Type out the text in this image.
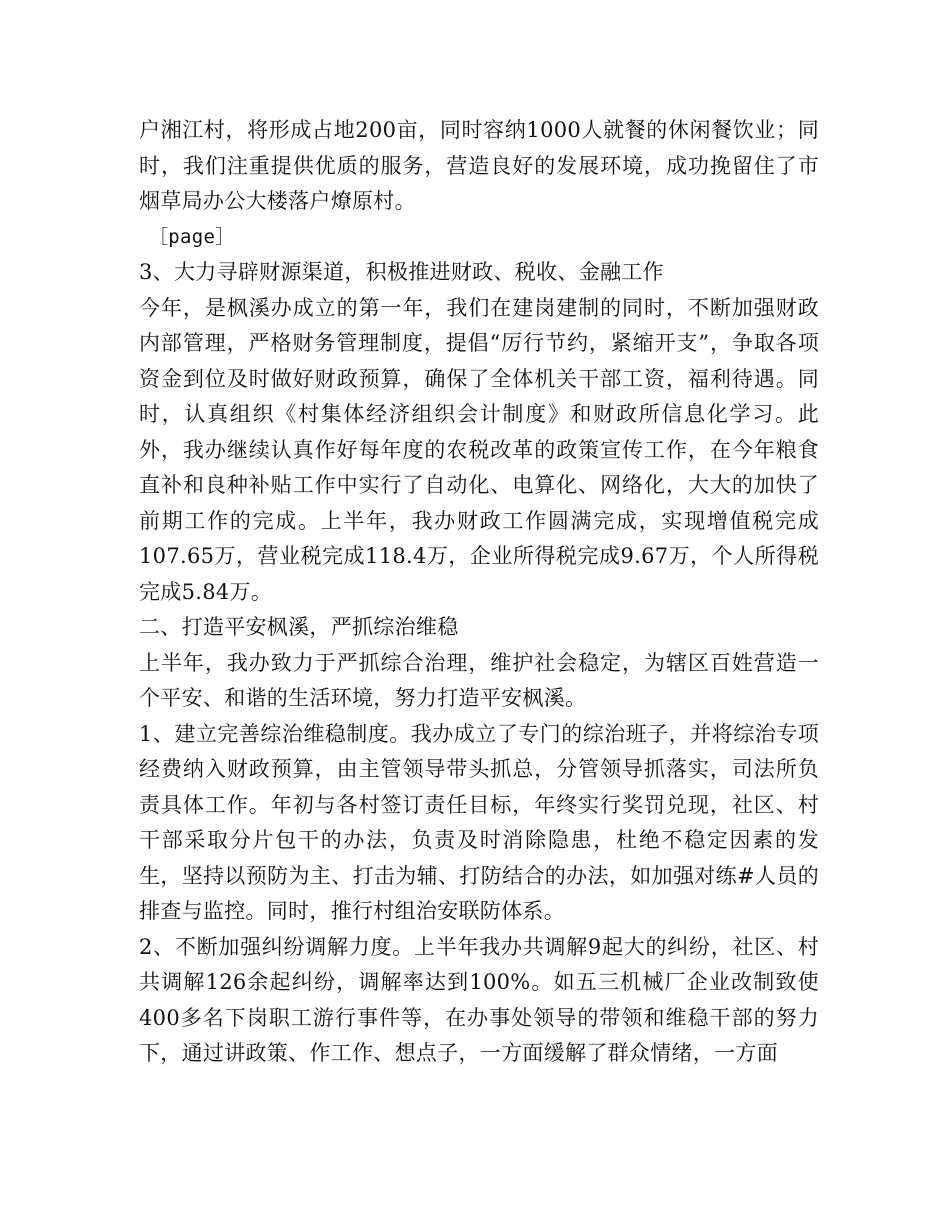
户湘江村，将形成占地200亩，同时容纳1000人就餐的休闲餐饮业；同时，我们注重提供优质的服务，营造良好的发展环境，成功挽留住了市烟草局办公大楼落户燎原村。

［page］

3、大力寻辟财源渠道，积极推进财政、税收、金融工作

今年，是枫溪办成立的第一年，我们在建岗建制的同时，不断加强财政内部管理，严格财务管理制度，提倡“厉行节约，紧缩开支”，争取各项资金到位及时做好财政预算，确保了全体机关干部工资，福利待遇。同时，认真组织《村集体经济组织会计制度》和财政所信息化学习。此外，我办继续认真作好每年度的农税改革的政策宣传工作，在今年粮食直补和良种补贴工作中实行了自动化、电算化、网络化，大大的加快了前期工作的完成。上半年，我办财政工作圆满完成，实现增值税完成107.65万，营业税完成118.4万，企业所得税完成9.67万，个人所得税完成5.84万。

二、打造平安枫溪，严抓综治维稳

上半年，我办致力于严抓综合治理，维护社会稳定，为辖区百姓营造一个平安、和谐的生活环境，努力打造平安枫溪。

1、建立完善综治维稳制度。我办成立了专门的综治班子，并将综治专项经费纳入财政预算，由主管领导带头抓总，分管领导抓落实，司法所负责具体工作。年初与各村签订责任目标，年终实行奖罚兑现，社区、村干部采取分片包干的办法，负责及时消除隐患，杜绝不稳定因素的发生，坚持以预防为主、打击为辅、打防结合的办法，如加强对练#人员的排查与监控。同时，推行村组治安联防体系。

2、不断加强纠纷调解力度。上半年我办共调解9起大的纠纷，社区、村共调解126余起纠纷，调解率达到100%。如五三机械厂企业改制致使400多名下岗职工游行事件等，在办事处领导的带领和维稳干部的努力下，通过讲政策、作工作、想点子，一方面缓解了群众情绪，一方面
